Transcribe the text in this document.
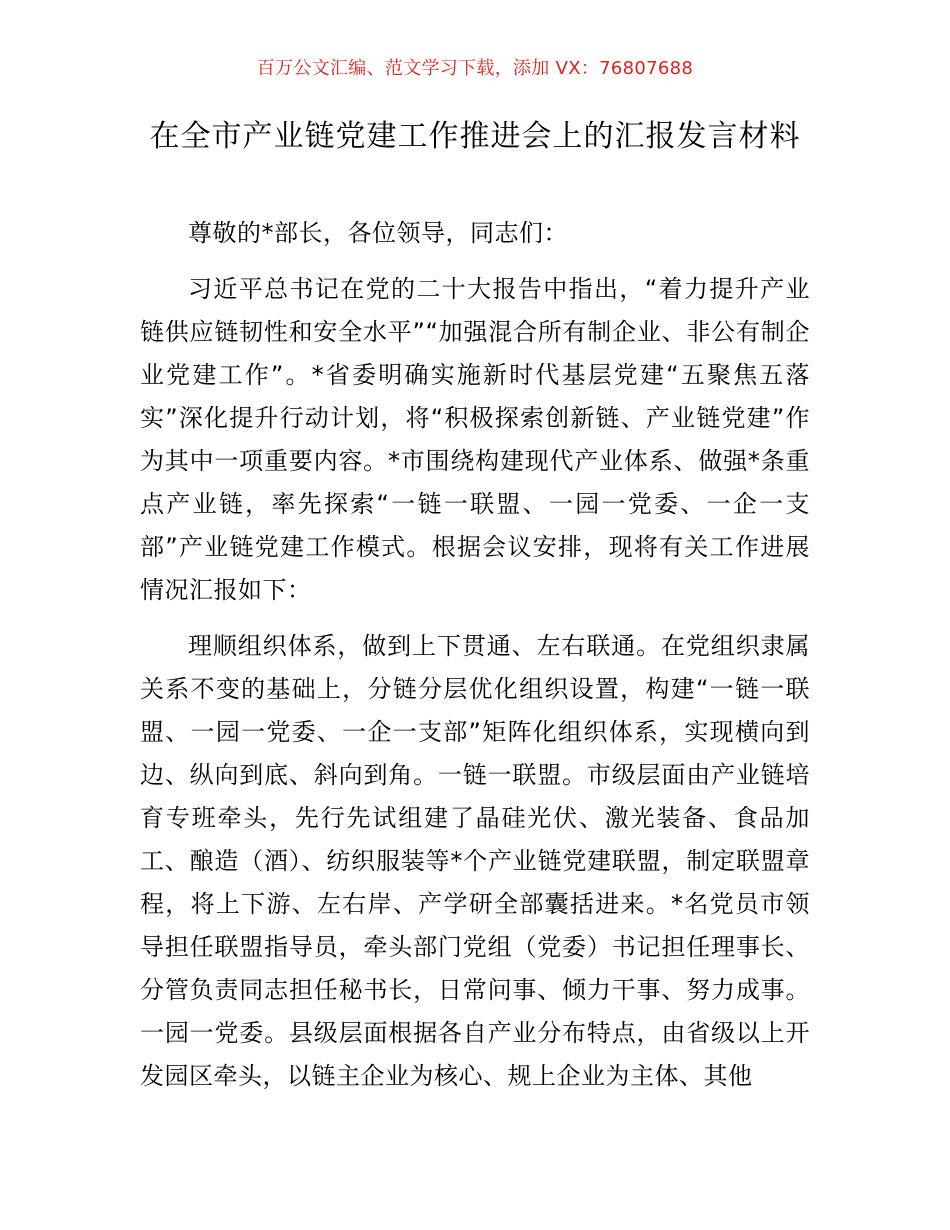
百万公文汇编、范文学习下载，添加 VX：76807688
在全市产业链党建工作推进会上的汇报发言材料

尊敬的*部长，各位领导，同志们：

习近平总书记在党的二十大报告中指出，“着力提升产业链供应链韧性和安全水平”“加强混合所有制企业、非公有制企业党建工作”。*省委明确实施新时代基层党建“五聚焦五落实”深化提升行动计划，将“积极探索创新链、产业链党建”作为其中一项重要内容。*市围绕构建现代产业体系、做强*条重点产业链，率先探索“一链一联盟、一园一党委、一企一支部”产业链党建工作模式。根据会议安排，现将有关工作进展情况汇报如下：

理顺组织体系，做到上下贯通、左右联通。在党组织隶属关系不变的基础上，分链分层优化组织设置，构建“一链一联盟、一园一党委、一企一支部”矩阵化组织体系，实现横向到边、纵向到底、斜向到角。一链一联盟。市级层面由产业链培育专班牵头，先行先试组建了晶硅光伏、激光装备、食品加工、酿造（酒）、纺织服装等*个产业链党建联盟，制定联盟章程，将上下游、左右岸、产学研全部囊括进来。*名党员市领导担任联盟指导员，牵头部门党组（党委）书记担任理事长、分管负责同志担任秘书长，日常问事、倾力干事、努力成事。一园一党委。县级层面根据各自产业分布特点，由省级以上开发园区牵头，以链主企业为核心、规上企业为主体、其他
